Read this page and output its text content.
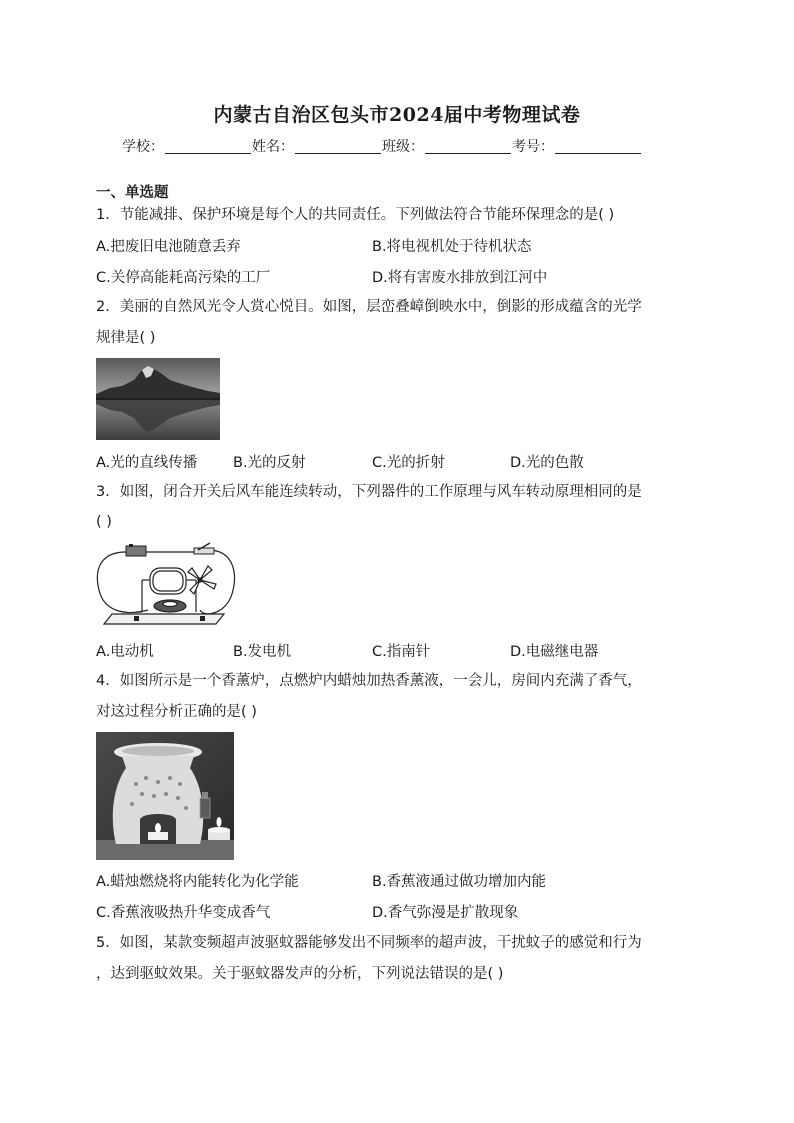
内蒙古自治区包头市2024届中考物理试卷
学校：	姓名：	班级：	考号：
一、单选题
1．节能减排、保护环境是每个人的共同责任。下列做法符合节能环保理念的是( )
A.把废旧电池随意丢弃	B.将电视机处于待机状态
C.关停高能耗高污染的工厂	D.将有害废水排放到江河中
2．美丽的自然风光令人赏心悦目。如图，层峦叠嶂倒映水中，倒影的形成蕴含的光学
规律是( )
A.光的直线传播 B.光的反射	C.光的折射	D.光的色散
3．如图，闭合开关后风车能连续转动，下列器件的工作原理与风车转动原理相同的是
( )
A.电动机	B.发电机	C.指南针	D.电磁继电器
4．如图所示是一个香薰炉，点燃炉内蜡烛加热香薰液，一会儿，房间内充满了香气，
对这过程分析正确的是( )
A.蜡烛燃烧将内能转化为化学能	B.香蕉液通过做功增加内能
C.香蕉液吸热升华变成香气	D.香气弥漫是扩散现象
5．如图，某款变频超声波驱蚊器能够发出不同频率的超声波，干扰蚊子的感觉和行为
，达到驱蚊效果。关于驱蚊器发声的分析，下列说法错误的是( )
